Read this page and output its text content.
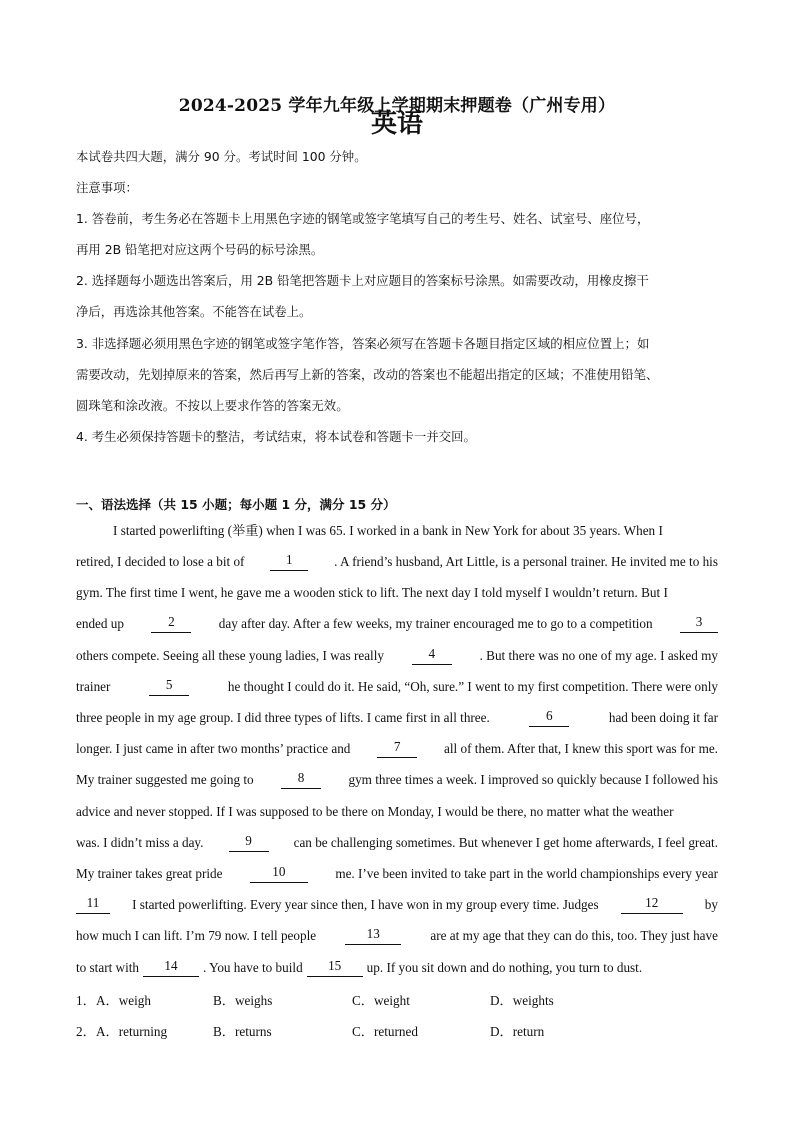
2024-2025 学年九年级上学期期末押题卷（广州专用）
英语
本试卷共四大题，满分 90 分。考试时间 100 分钟。
注意事项：
1. 答卷前，考生务必在答题卡上用黑色字迹的钢笔或签字笔填写自己的考生号、姓名、试室号、座位号，
再用 2B 铅笔把对应这两个号码的标号涂黑。
2. 选择题每小题选出答案后，用 2B 铅笔把答题卡上对应题目的答案标号涂黑。如需要改动，用橡皮擦干
净后，再选涂其他答案。不能答在试卷上。
3. 非选择题必须用黑色字迹的钢笔或签字笔作答，答案必须写在答题卡各题目指定区域的相应位置上；如
需要改动，先划掉原来的答案，然后再写上新的答案，改动的答案也不能超出指定的区域；不准使用铅笔、
圆珠笔和涂改液。不按以上要求作答的答案无效。
4. 考生必须保持答题卡的整洁，考试结束，将本试卷和答题卡一并交回。
一、语法选择（共 15 小题；每小题 1 分，满分 15 分）
I started powerlifting (举重) when I was 65. I worked in a bank in New York for about 35 years. When I
retired, I decided to lose a bit of	1	. A friend’s husband, Art Little, is a personal trainer. He invited me to his
gym. The first time I went, he gave me a wooden stick to lift. The next day I told myself I wouldn’t return. But I
ended up	2	day after day. After a few weeks, my trainer encouraged me to go to a competition	3
others compete. Seeing all these young ladies, I was really	4	. But there was no one of my age. I asked my
trainer	5	he thought I could do it. He said, “Oh, sure.” I went to my first competition. There were only
three people in my age group. I did three types of lifts. I came first in all three.	6	had been doing it far
longer. I just came in after two months’ practice and	7	all of them. After that, I knew this sport was for me.
My trainer suggested me going to	8	gym three times a week. I improved so quickly because I followed his
advice and never stopped. If I was supposed to be there on Monday, I would be there, no matter what the weather
was. I didn’t miss a day.	9	can be challenging sometimes. But whenever I get home afterwards, I feel great.
My trainer takes great pride	10	me. I’ve been invited to take part in the world championships every year
11	I started powerlifting. Every year since then, I have won in my group every time. Judges	12	by
how much I can lift. I’m 79 now. I tell people	13	are at my age that they can do this, too. They just have
to start with	14	. You have to build	15	up. If you sit down and do nothing, you turn to dust.
1． A．weigh	B．weighs	C．weight	D．weights
2． A．returning	B．returns	C．returned	D．return
